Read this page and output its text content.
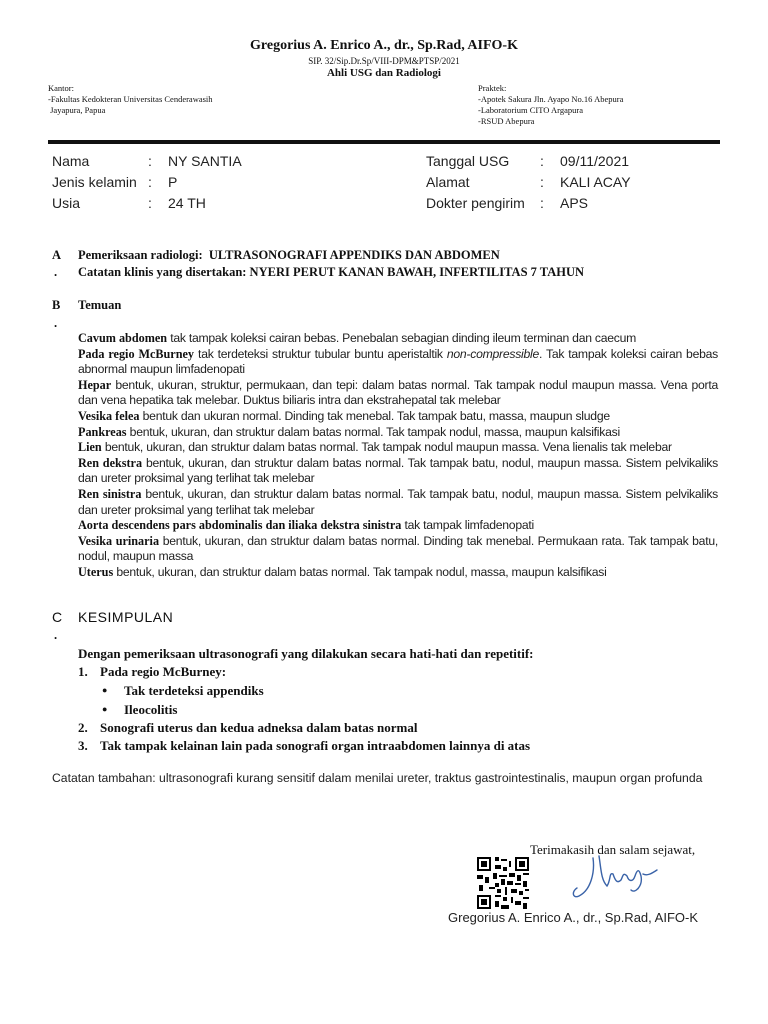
Gregorius A. Enrico A., dr., Sp.Rad, AIFO-K
SIP. 32/Sip.Dr.Sp/VIII-DPM&PTSP/2021
Ahli USG dan Radiologi
Kantor:
-Fakultas Kedokteran Universitas Cenderawasih
Jayapura, Papua
Praktek:
-Apotek Sakura Jln. Ayapo No.16 Abepura
-Laboratorium CITO Argapura
-RSUD Abepura
Nama	: NY SANTIA
Jenis kelamin : P
Usia	: 24 TH
Tanggal USG : 09/11/2021
Alamat	: KALI ACAY
Dokter pengirim : APS
A
.
Pemeriksaan radiologi:  ULTRASONOGRAFI APPENDIKS DAN ABDOMEN
Catatan klinis yang disertakan: NYERI PERUT KANAN BAWAH, INFERTILITAS 7 TAHUN
B
.
Temuan

Cavum abdomen tak tampak koleksi cairan bebas. Penebalan sebagian dinding ileum terminan dan caecum

Pada regio McBurney tak terdeteksi struktur tubular buntu aperistaltik non-compressible. Tak tampak koleksi cairan bebas abnormal maupun limfadenopati

Hepar bentuk, ukuran, struktur, permukaan, dan tepi: dalam batas normal. Tak tampak nodul maupun massa. Vena porta dan vena hepatika tak melebar. Duktus biliaris intra dan ekstrahepatal tak melebar

Vesika felea bentuk dan ukuran normal. Dinding tak menebal. Tak tampak batu, massa, maupun sludge

Pankreas bentuk, ukuran, dan struktur dalam batas normal. Tak tampak nodul, massa, maupun kalsifikasi

Lien bentuk, ukuran, dan struktur dalam batas normal. Tak tampak nodul maupun massa. Vena lienalis tak melebar

Ren dekstra bentuk, ukuran, dan struktur dalam batas normal. Tak tampak batu, nodul, maupun massa. Sistem pelvikaliks dan ureter proksimal yang terlihat tak melebar

Ren sinistra bentuk, ukuran, dan struktur dalam batas normal. Tak tampak batu, nodul, maupun massa. Sistem pelvikaliks dan ureter proksimal yang terlihat tak melebar

Aorta descendens pars abdominalis dan iliaka dekstra sinistra tak tampak limfadenopati

Vesika urinaria bentuk, ukuran, dan struktur dalam batas normal. Dinding tak menebal. Permukaan rata. Tak tampak batu, nodul, maupun massa

Uterus bentuk, ukuran, dan struktur dalam batas normal. Tak tampak nodul, massa, maupun kalsifikasi

C
.
KESIMPULAN
Dengan pemeriksaan ultrasonografi yang dilakukan secara hati-hati dan repetitif:
1. Pada regio McBurney:
● Tak terdeteksi appendiks
● Ileocolitis
2. Sonografi uterus dan kedua adneksa dalam batas normal
3. Tak tampak kelainan lain pada sonografi organ intraabdomen lainnya di atas
Catatan tambahan: ultrasonografi kurang sensitif dalam menilai ureter, traktus gastrointestinalis, maupun organ profunda
Terimakasih dan salam sejawat,
Gregorius A. Enrico A., dr., Sp.Rad, AIFO-K
